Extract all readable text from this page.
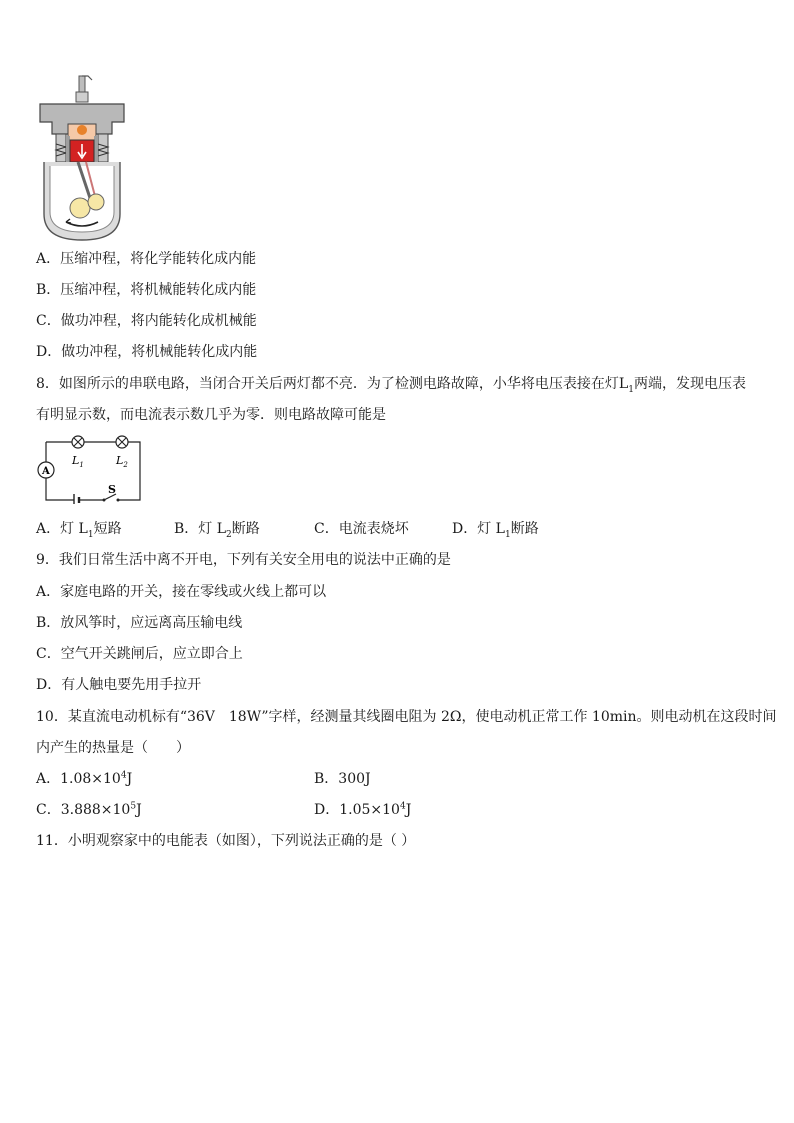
A．压缩冲程，将化学能转化成内能
B．压缩冲程，将机械能转化成内能
C．做功冲程，将内能转化成机械能
D．做功冲程，将机械能转化成内能
8．如图所示的串联电路，当闭合开关后两灯都不亮．为了检测电路故障，小华将电压表接在灯$L_1$两端，发现电压表
有明显示数，而电流表示数几乎为零．则电路故障可能是
$L_1$	$L_2$
A
S
A．灯 $L_1$短路	B．灯 $L_2$断路	C．电流表烧坏	D．灯 $L_1$断路
9．我们日常生活中离不开电，下列有关安全用电的说法中正确的是
A．家庭电路的开关，接在零线或火线上都可以
B．放风筝时，应远离高压输电线
C．空气开关跳闸后，应立即合上
D．有人触电要先用手拉开
10．某直流电动机标有“36V　18W”字样，经测量其线圈电阻为 2Ω，使电动机正常工作 10min。则电动机在这段时间
内产生的热量是（　　）
A．$1.08\times 10^4J$	B．300J
C．$3.888\times 10^5J$	D．$1.05\times 10^4J$
11．小明观察家中的电能表（如图），下列说法正确的是（ ）
